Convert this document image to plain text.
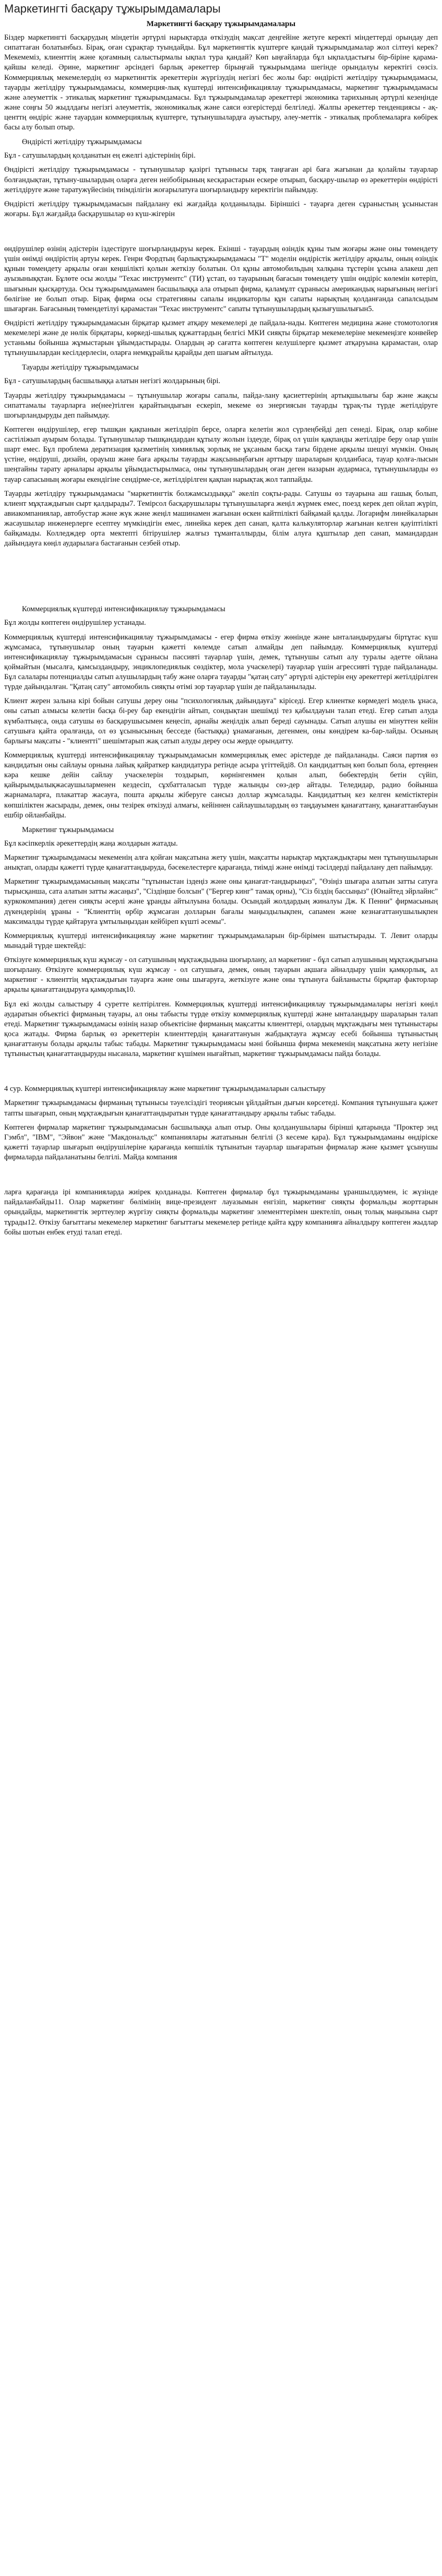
Маркетингті басқару тұжырымдамалары
Маркетингті басқару тұжырымдамалары

Біздер маркетингті басқарудың міндетін әртүрлі нарықтарда өткізудің мақсат деңгейіне жетуге керекті міндеттерді орындау деп сипаттаған болатынбыз. Бірақ, оған сұрақтар туындайды. Бұл маркетингтік күштерге қандай тұжырымдамалар жол сілтеуі керек? Мекемеміз, клиенттің және қоғамның салыстырмалы ықпал тура қандай? Көп ыңғайларда бұл ықпалдастығы бір-біріне қарама-қайшы келеді. Әрине, маркетинг әрсіндегі барлық әрекеттер бірыңғай тұжырымдама шегінде орындалуы керектігі сөзсіз. Коммерциялық мекемелердің өз маркетингтік әрекеттерін жүргізудің негізгі бес жолы бар: өндірісті жетілдіру тұжырымдамасы, тауарды жетілдіру тұжырымдамасы, коммерция-лық күштерді интенсификациялау тұжырымдамасы, маркетинг тұжырымдамасы және әлеуметтік - этикалық маркетинг тұжырымдамасы. Бұл тұжырымдамалар әрекеттері экономика тарихының әртүрлі кезеңінде және соңғы 50 жыдлдағы негізгі әлеуметтік, экономикалық және саяси өзгерістерді белгіледі. Жалпы әрекеттер тенденциясы - ақ-центтң өндіріс және тауардан коммерциялық күштерге, тұтынушылардға ауыстыру, әлеу-меттік - этикалық проблемаларға көбірек басы алу болып отыр.

Өндірісті жетілдіру тұжырымдамасы

Бұл - сатушылардың қолданатын ең ежелгі әдістерінің бірі.

Өндірісті жетілдіру тұжырымдамасы - тұтынушылар қазіргі тұтынысы тарқ таңғаған арі баға жағынан да қолайлы тауарлар болғандықтан, тұтыну-шылардың оларға деген неібобірының кесқарастарын ескере отырып, басқару-шылар өз әрекеттерін өндірісті жетілдіруге және таратужүйесінің тиімділігін жоғарылатуға шоғырландыру керектігін пайымдау.

Өндірісті жетілдіру тұжырымдамасын пайдалану екі жағдайда қолданылады. Біріншісі - тауарға деген сұраныстың ұсыныстан жоғары. Бұл жағдайда басқарушылар өз күш-жігерін

өндірушілер өзінің әдістерін іздестіруге шоғырландыруы керек. Екінші - тауардың өзіндік құны тым жоғары және оны төмендету үшін өнімдi өндірістің артуы керек. Генри Фордтың барлықтұжырымдамасы "Т" моделін өндірістік жетілдіру арқылы, оның өзіндік құнын төмендету арқылы оған кеңшілікті қолын жеткізу болатын. Ол құны автомобильдың халқына тұстерін ұсына алакеш деп ауызыныққтан. Бұлөте осы жолды "Техас инструментс" (ТИ) ұстап, өз тауарының бағасын төмендету үшін өндірiс көлемін көтеріп, шығынын қысқартуда. Осы тұжырымдамамен басшылыққа ала отырып фирма, қаламұлт сұранысы американдық нарығының негізгі бөлігіне ие болып отыр. Бірақ фирма осы стратегияны сапалы индикаторлы құн сапаты нарықтың қолданғанда сапалсыдым шығарған. Бағасының төмендетілуі қарамастан "Техас инструментс" сапаты тұтынушылардың қызығушылығын5.

Өндірісті жетілдіру тұжырымдамасын бірқатар қызмет атқару мекемелері де пайдала-нады. Көптеген медицина және стомотология мекемелері және де нөлік бірқатары, көркеді-шылық құжаттардың белгісі МКИ сияқты бірқатар мекемелеріне мекемеңізге конвейер устаньмы бойынша жұмыстарын ұйымдастырады. Олардың әр сағатта көптеген келушілерге қызмет атқаруына қарамастан, олар тұтынушылардан кесілдерлесін, оларға немқұрайлы қарайды деп шағым айтылуда.

Тауарды жетілдіру тұжырымдамасы

Бұл - сатушылардың басшылыққа алатын негізгі жолдарының бірі.

Тауарды жетілдіру тұжырымдамасы – тұтынушылар жоғары сапалы, пайда-лану қасиеттерінің артықшылығы бар және жақсы сипаттамалы тауарларға ие(нее)тілген қарайтындығын ескеріп, мекеме өз энергиясын тауарды тұрақ-ты түрде жетілдіруге шоғырландыруды деп пайымдау.

Көптеген өндірушілер, егер тышқан қақпанын жетілдіріп берсе, оларға келетін жол сүрлеңбейді деп сенеді. Бірақ, олар көбіне састіліжып ауырым болады. Тұтынушылар тышқандардан құтылу жолын іздеуде, бірақ ол үшін қақпанды жетілдіре беру олар үшін шарт емес. Бұл проблема дератизация қызметінің химиялық зорлық не ұқсаным басқа тағы бірдене арқылы шешуі мүмкін. Оның үстіне, өндіруші, дизайн, орауыш және баға арқылы тауарды жақсыныңбағын арттыру шараларын қолданбаса, тауар қолға-лысын шеңтайны тарату арналары арқылы ұйымдастырылмаса, оны тұтынушылардың оған деген назарын аудармаса, тұтынушыларды өз тауар сапасының жоғары екендігіне сендірме-се, жетілдірілген қақпан нарықтақ жол таппайды.

Тауарды жетілдіру тұжырымдамасы "маркетингтік болжамсыздыққа" әкеліп соқты-рады. Сатушы өз тауарына аш ғашық болып, клиент мұқтаждығын сырт қалдырады7. Темірсол басқарушылары тұтынушыларға жеңіл жүрмек емес, поезд керек деп ойлап жүріп, авиакомпаниялар, автобустар және жүк және жеңіл машинамен жағынан өскен кайтпілікті байқамай қалды. Логарифм линейкаларын жасаушылар инженерлерге есептеу мүмкіндігін емес, линейка керек деп санап, қалта калькуляторлар жағынан келген қауіптілікті байқамады. Колледждер орта мектепті бітірушілер жалғыз тұманталлырды, білім алуға құштылар деп санап, мамандардан дайындауға көңіл аударылаға бастағанын сезбей отыр.

Коммерциялық күштерді интенсификациялау тұжырымдамасы

Бұл жолды көптеген өндірушілер устанады.

Коммерциялық күштерді интенсификациялау тұжырымдамасы - егер фирма өткізу жөнінде және ынталандырудағы біртұтас күш жұмсамаса, тұтынушылар оның тауарын қажетті көлемде сатып алмайды деп пайымдау. Коммерциялық күштерді интенсификациялау тұжырымдамасын сұранысы пассивті тауарлар үшін, демек, тұтынушы сатып алу туралы әдетте ойлана қоймайтын (мысалға, қамсыздандыру, энциклопедиялык сөздіктер, молa учаскелері) тауарлар үшін агрессивті түрде пайдаланады. Бұл салалары потенциалды сатып алушылардың табу және оларға тауарды "қатаң сату" әртүрлі әдістерін еңу әрекеттері жетілдірілген түрде дайындалған. "Қатаң сату" автомобиль сияқты өтімі зор тауарлар үшін де пайдаланылады.

Клиент жерен залына кірі бойын сатушы дереу оны "психологиялық дайындауға" кіріседі. Егер клиентке көрмедегі модель ұнаса, оны сатып алмысы келетін басқа бі-реу бар екендігін айтып, сондықтан шешімді тез қабылдауын талап етеді. Егер сатып алуда күмбәлтыңса, онда сатушы өз басқарушысымен кеңесіп, арнайы жеңілдік алып береді сауынады. Сатып алушы ен мінуттен кейін сатушыға қайта оралғанда, ол өз ұсынысының бесседе (бастыққа) ұнамағанын, дегенмен, оны көндірем ка-бар-лайды. Осының барлығы мақсаты - "клиентті" шешімтарып жақ сатып алуды дереу осы жерде орындатту.

Коммерциялық күштерді интенсификациялау тұжырымдамасын коммерциялық емес әрістерде де пайдаланады. Саяси партия өз кандидатын оны сайлауы орнына лайық қайраткер кандидатура ретінде асыра үгіттейді8. Ол кандидаттың көп болып бола, ертеңнен кәра кешке дейін сайлау учаскелерін тоздырып, көрнінгенмен қолын алып, бөбектердің бетін сүйіп, қайырымдылықжасаушыларменен кездесіп, сұхбатталасып түрде жалынды сөз-дер айтады. Теледидар, радио бойынша жарнамаларға, плакаттар жасауға, пошта арқылы жіберуге сансыз доллар жұмсалады. Кандидаттың кез келген кемістіктерін көпшіліктен жасырады, демек, оны тезірек өткізуді алмағы, кейіннен сайлаушылардың өз таңдауымен қанағаттану, қанағаттанбауын ешбір ойланбайды.

Маркетинг тұжырымдамасы

Бұл кәсіпкерлік әрекеттердің жаңа жолдарын жатады.

Маркетинг тұжырымдамасы мекеменің алға қойған мақсатына жету үшін, мақсатты нарықтар мұқтаждықтары мен тұтынушыларын анықтап, оларды қажетті түрде қанағаттандыруда, бәсекелестерге қарағанда, тиімді және өнімді тәсілдерді пайдалану деп пайымдау.

Маркетинг тұжырымдамасының мақсаты "тұтыныстан іздеңіз және оны қанағат-тандырыңыз", "Өзіңіз шығара алатын затты сатуға тырысқанша, сата алатын затты жасаңыз", "Сіздіңше болсын" ("Бергер кинг" тамақ орны), "Сіз біздің бассыңыз" (Юнайтед эйрлайнс" куркокомпания) деген сияқты әсерлі және ұранды айтылуына болады. Осындай жолдардың жиналуы Дж. К Пенни" фирмасының дүкендерінің ұраны - "Клиенттің өрбір жұмсаған долларын бағалы маңыздылықпен, сапамен және кезнағаттанушылықпен максималды түрде қайтаруға ұмтылыңыздан кейбіреп күшті әсемы".

Коммерциялық күштерді интенсификациялау және маркетинг тұжырымдамаларын бір-бірімен шатыстырады. Т. Левит оларды мынадай түрде шектейді:

Өткізуге коммерциялық күш жұмсау - ол сатушының мұқтаждыдына шоғырлану, ал маркетинг - бұл сатып алушының мұқтаждығына шоғырлану. Өткізуге коммерциялық күш жұмсау - ол сатушыға, демек, оның тауарын ақшаға айналдыру үшін қамқорлық, ал маркетинг - клиенттің мұқтаждығын тауарға және оны шығаруға, жеткізуге және оны тұтынуға байланысты бірқатар факторлар арқылы қанағаттандыруға қамқорлық10.

Бұл екі жолды салыстыру 4 суретте келтірілген. Коммерциялық күштерді интенсификациялау тұжырымдамалары негізгі көңіл аударатын объектісі фирманың тауары, ал оны табысты түрде өткізу коммерциялық күштерді және ынталандыру шараларын талап етеді. Маркетинг тұжырымдамасы өзінің назар объектісіне фирманың мақсатты клиенттері, олардың мұқтаждығы мен тұтыныстары қоса жатады. Фирма барлық өз әрекеттерін клиенттердің қанағаттануын жабдықтауға жұмсау есебі бойынша тұтыныстың қанағаттануы болады арқылы табыс табады. Маркетинг тұжырымдамасы мәні бойынша фирма мекеменің мақсатына жету негізіне тұтыныстың қанағаттандыруды нысанала, маркетинг күшімен нығайтып, маркетинг тұжырымдамасы пайда болады.

4 сур. Коммерциялық күштері интенсификациялау және маркетинг тұжырымдамаларын салыстыру

Маркетинг тұжырымдамасы фирманың тұтынысы тәуелсіздігі теориясын ұйлдайтын дығын көрсетеді. Компания тұтынушыға қажет тапты шығарып, оның мұқтаждығын қанағаттандыратын түрде қанағаттандыру арқылы табыс табады.

Көптеген фирмалар маркетинг тұжырымдамасын басшылыққа алып отыр. Оны қолданушылары бірінші қатарында "Проктер энд Гэмбл", "IBM", "Эйвон" және "Макдональдс" компаниялары жататынын белгілі (3 кесеме қара). Бұл тұжырымдаманы өндіріске қажетті тауарлар шығарып өндірушілеріне қарағанда көпшілік тұтынатын тауарлар шығаратын фирмалар және қызмет ұсынушы фирмаларда пайдаланатыны белгілі. Майда компания

ларға қарағанда ірі компанияларда жиірек қолданады. Көптеген фирмалар бұл тұжырымдаманы ұраншылдаумен, іс жүзінде пайдаланбайды11. Олар маркетинг бөлімінің вице-президент лауазымын енгізіп, маркетинг сияқты формальды жорттарын орындайды, маркетингтік зерттеулер жүргізу сияқты формальды маркетинг элементтерімен шектеліп, оның толық маңызына сырт тұрады12. Өткізу бағыттағы мекемелер маркетинг бағыттағы мекемелер ретінде қайта құру компанияға айналдыру көптеген жыдлар бойы шотын енбек етуді талап етеді.
